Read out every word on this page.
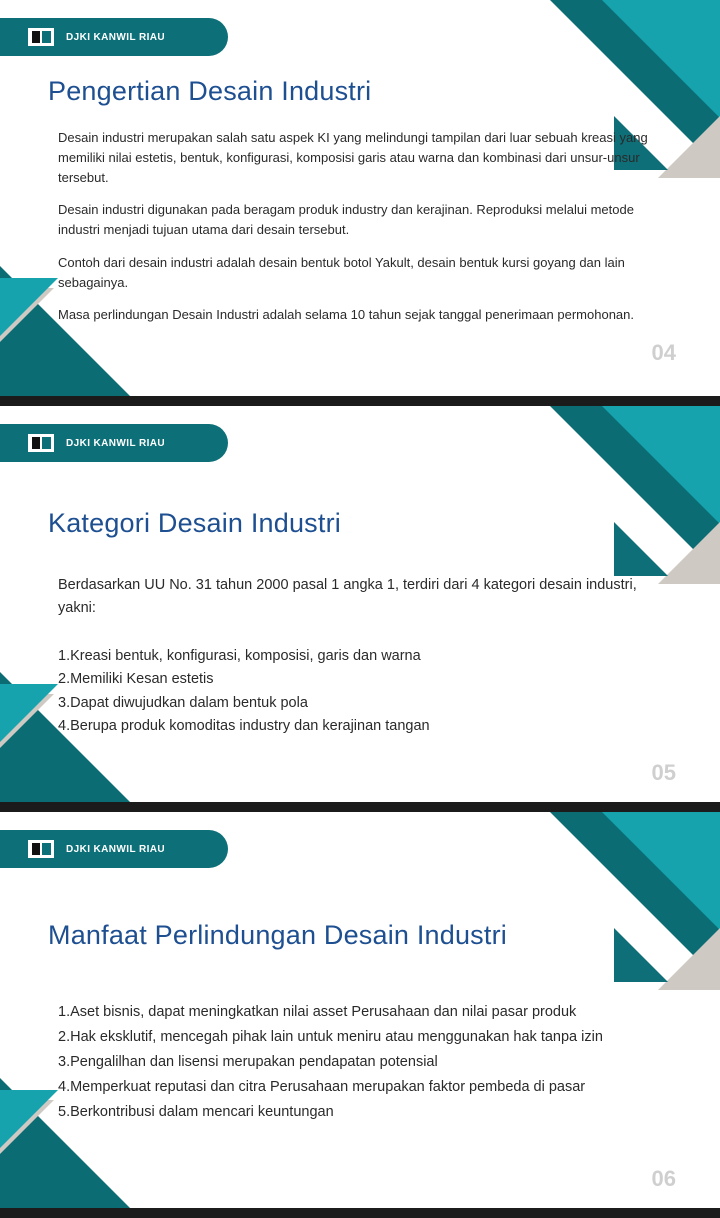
DJKI KANWIL RIAU
Pengertian Desain Industri

Desain industri merupakan salah satu aspek KI yang melindungi tampilan dari luar sebuah kreasi yang memiliki nilai estetis, bentuk, konfigurasi, komposisi garis atau warna dan kombinasi dari unsur-unsur tersebut.

Desain industri digunakan pada beragam produk industry dan kerajinan. Reproduksi melalui metode industri menjadi tujuan utama dari desain tersebut.

Contoh dari desain industri adalah desain bentuk botol Yakult, desain bentuk kursi goyang dan lain sebagainya.

Masa perlindungan Desain Industri adalah selama 10 tahun sejak tanggal penerimaan permohonan.

04
DJKI KANWIL RIAU
Kategori Desain Industri

Berdasarkan UU No. 31 tahun 2000 pasal 1 angka 1, terdiri dari 4 kategori desain industri, yakni:

1.Kreasi bentuk, konfigurasi, komposisi, garis dan warna
2.Memiliki Kesan estetis
3.Dapat diwujudkan dalam bentuk pola
4.Berupa produk komoditas industry dan kerajinan tangan
05
DJKI KANWIL RIAU
Manfaat Perlindungan Desain Industri
1.Aset bisnis, dapat meningkatkan nilai asset Perusahaan dan nilai pasar produk
2.Hak eksklutif, mencegah pihak lain untuk meniru atau menggunakan hak tanpa izin
3.Pengalilhan dan lisensi merupakan pendapatan potensial
4.Memperkuat reputasi dan citra Perusahaan merupakan faktor pembeda di pasar
5.Berkontribusi dalam mencari keuntungan
06
